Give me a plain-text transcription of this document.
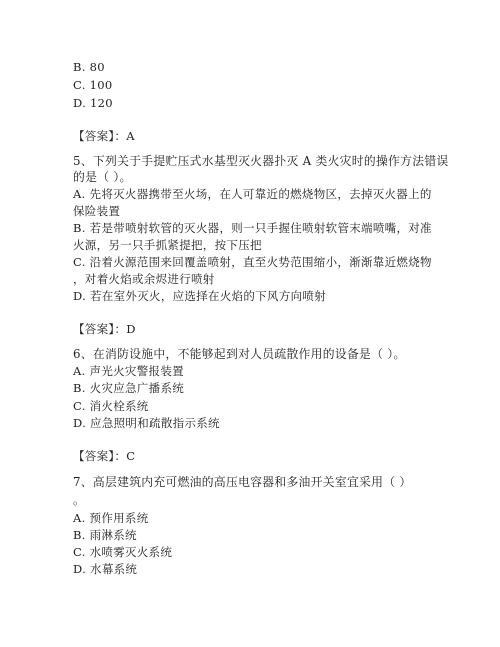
B. 80
C. 100
D. 120
【答案】：A
5、下列关于手提贮压式水基型灭火器扑灭 A 类火灾时的操作方法错误
的是（ ）。
A. 先将灭火器携带至火场，在人可靠近的燃烧物区，去掉灭火器上的
保险装置
B. 若是带喷射软管的灭火器，则一只手握住喷射软管末端喷嘴，对准
火源，另一只手抓紧提把，按下压把
C. 沿着火源范围来回覆盖喷射，直至火势范围缩小，渐渐靠近燃烧物
，对着火焰或余烬进行喷射
D. 若在室外灭火，应选择在火焰的下风方向喷射
【答案】：D
6、在消防设施中，不能够起到对人员疏散作用的设备是（ ）。
A. 声光火灾警报装置
B. 火灾应急广播系统
C. 消火栓系统
D. 应急照明和疏散指示系统
【答案】：C
7、高层建筑内充可燃油的高压电容器和多油开关室宜采用（ ）
。
A. 预作用系统
B. 雨淋系统
C. 水喷雾灭火系统
D. 水幕系统
